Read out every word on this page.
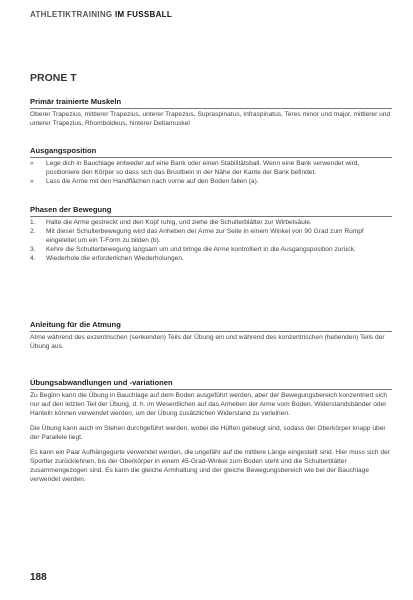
ATHLETIKTRAINING IM FUSSBALL
PRONE T
Primär trainierte Muskeln

Oberer Trapezius, mittlerer Trapezius, unterer Trapezius, Supraspinatus, Infraspinatus, Teres minor und major, mittlerer und unterer Trapezius, Rhomboideus, hinterer Deltamuskel

Ausgangsposition
» Lege dich in Bauchlage entweder auf eine Bank oder einen Stabilitätsball. Wenn eine Bank verwendet wird, positioniere den Körper so dass sich das Brustbein in der Nähe der Kante der Bank befindet.
» Lass die Arme mit den Handflächen nach vorne auf den Boden fallen (a).
Phasen der Bewegung
1. Halte die Arme gestreckt und den Kopf ruhig, und ziehe die Schulterblätter zur Wirbelsäule.
2. Mit dieser Schulterbewegung wird das Anheben der Arme zur Seite in einem Winkel von 90 Grad zum Rumpf eingeleitet um ein T-Form zu bilden (b).
3. Kehre die Schulterbewegung langsam um und bringe die Arme kontrolliert in die Ausgangsposition zurück.
4. Wiederhole die erforderlichen Wiederholungen.
Anleitung für die Atmung

Atme während des exzentrischen (senkenden) Teils der Übung ein und während des konzentrischen (hebenden) Teils der Übung aus.

Übungsabwandlungen und -variationen

Zu Beginn kann die Übung in Bauchlage auf dem Boden ausgeführt werden, aber der Bewegungsbereich konzentriert sich nur auf den letzten Teil der Übung, d. h. im Wesentlichen auf das Anheben der Arme vom Boden. Widerstandsbänder oder Hanteln können verwendet werden, um der Übung zusätzlichen Widerstand zu verleihen.

Die Übung kann auch im Stehen durchgeführt werden, wobei die Hüften gebeugt sind, sodass der Oberkörper knapp über der Parallele liegt.

Es kann ein Paar Aufhängegurte verwendet werden, die ungefähr auf die mittlere Länge eingestellt sind. Hier muss sich der Sportler zurücklehnen, bis der Oberkörper in einem 45-Grad-Winkel zum Boden steht und die Schulterblätter zusammengezogen sind. Es kann die gleiche Armhaltung und der gleiche Bewegungsbereich wie bei der Bauchlage verwendet werden.

188
